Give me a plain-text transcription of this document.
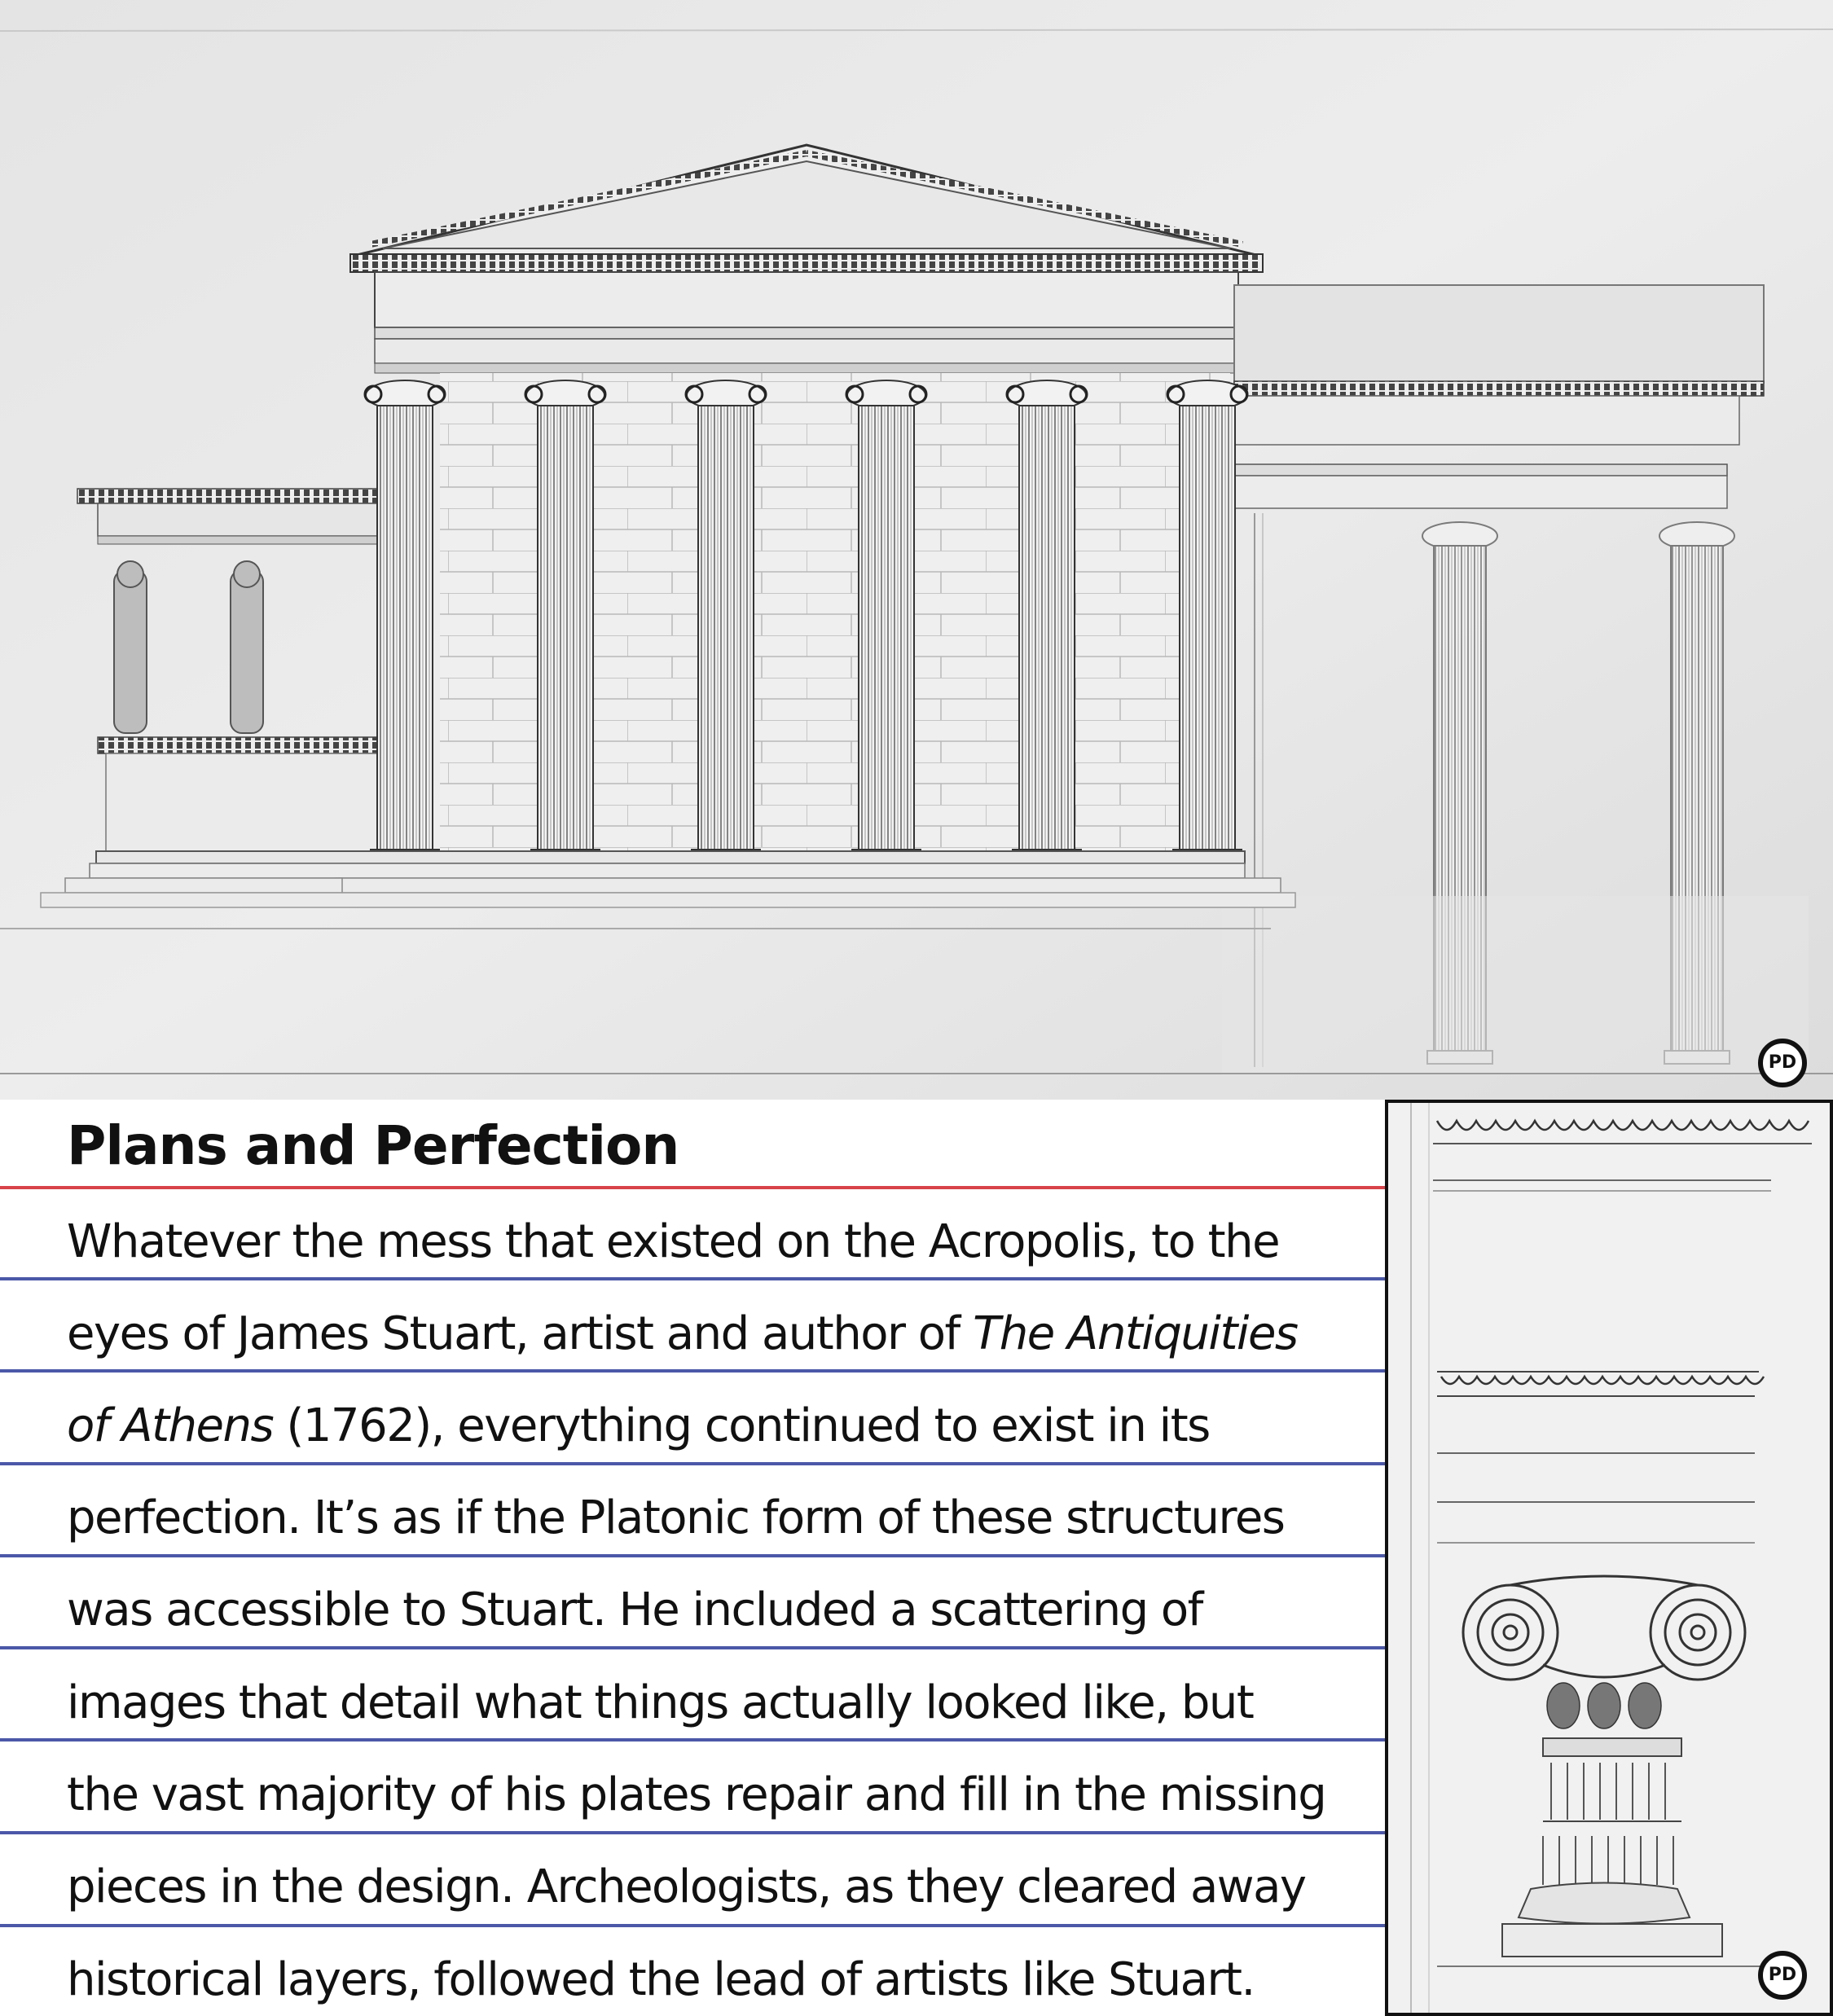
PD
Plans and Perfection
Whatever the mess that existed on the Acropolis, to the
eyes of James Stuart, artist and author of The Antiquities
of Athens (1762), everything continued to exist in its
perfection. It’s as if the Platonic form of these structures
was accessible to Stuart. He included a scattering of
images that detail what things actually looked like, but
the vast majority of his plates repair and fill in the missing
pieces in the design. Archeologists, as they cleared away
historical layers, followed the lead of artists like Stuart.	PD
